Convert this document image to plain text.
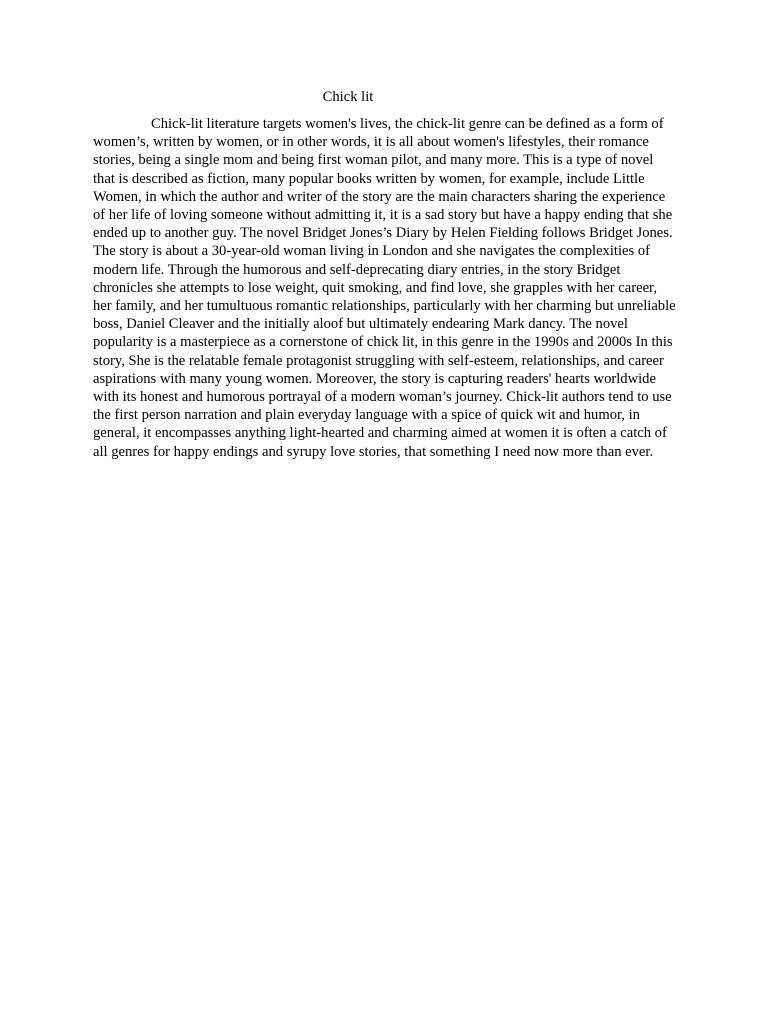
Chick lit

Chick-lit literature targets women's lives, the chick-lit genre can be defined as a form of women’s, written by women, or in other words, it is all about women's lifestyles, their romance stories, being a single mom and being first woman pilot, and many more. This is a type of novel that is described as fiction, many popular books written by women, for example, include Little Women, in which the author and writer of the story are the main characters sharing the experience of her life of loving someone without admitting it, it is a sad story but have a happy ending that she ended up to another guy. The novel Bridget Jones’s Diary by Helen Fielding follows Bridget Jones. The story is about a 30-year-old woman living in London and she navigates the complexities of modern life. Through the humorous and self-deprecating diary entries, in the story Bridget chronicles she attempts to lose weight, quit smoking, and find love, she grapples with her career, her family, and her tumultuous romantic relationships, particularly with her charming but unreliable boss, Daniel Cleaver and the initially aloof but ultimately endearing Mark dancy. The novel popularity is a masterpiece as a cornerstone of chick lit, in this genre in the 1990s and 2000s In this story, She is the relatable female protagonist struggling with self-esteem, relationships, and career aspirations with many young women. Moreover, the story is capturing readers' hearts worldwide with its honest and humorous portrayal of a modern woman’s journey. Chick-lit authors tend to use the first person narration and plain everyday language with a spice of quick wit and humor, in general, it encompasses anything light-hearted and charming aimed at women it is often a catch of all genres for happy endings and syrupy love stories, that something I need now more than ever.
